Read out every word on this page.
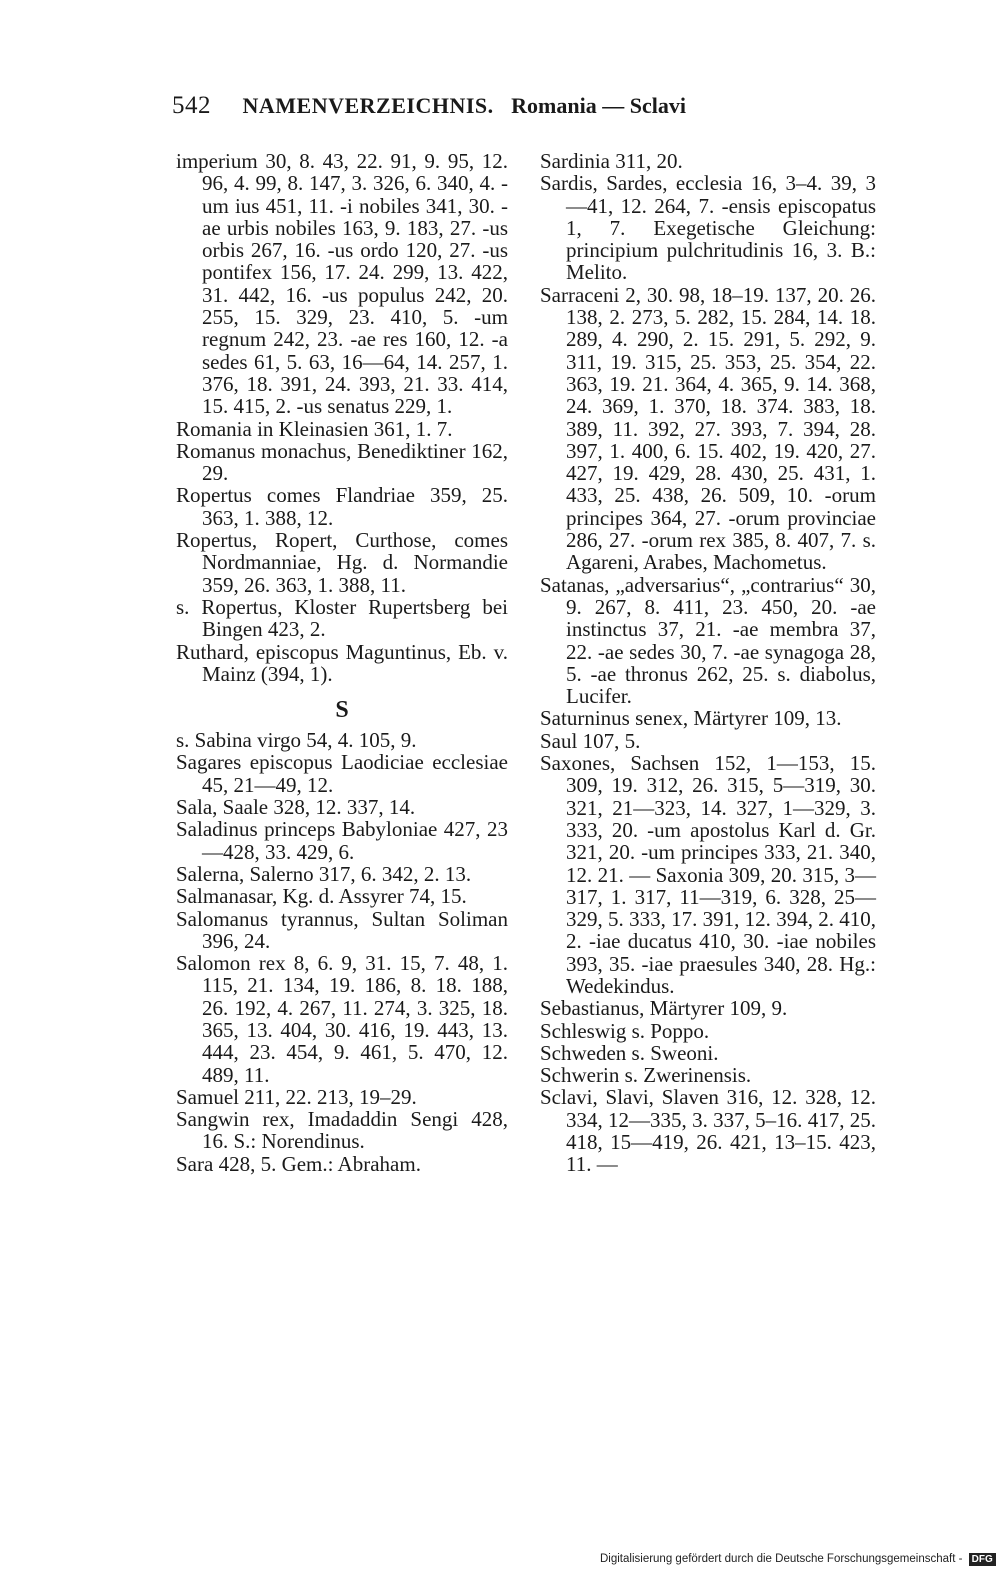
542 NAMENVERZEICHNIS. Romania — Sclavi

imperium 30, 8. 43, 22. 91, 9. 95, 12. 96, 4. 99, 8. 147, 3. 326, 6. 340, 4. -um ius 451, 11. -i nobiles 341, 30. -ae urbis nobiles 163, 9. 183, 27. -us orbis 267, 16. -us ordo 120, 27. -us pontifex 156, 17. 24. 299, 13. 422, 31. 442, 16. -us populus 242, 20. 255, 15. 329, 23. 410, 5. -um regnum 242, 23. -ae res 160, 12. -a sedes 61, 5. 63, 16—64, 14. 257, 1. 376, 18. 391, 24. 393, 21. 33. 414, 15. 415, 2. -us senatus 229, 1.

Romania in Kleinasien 361, 1. 7.

Romanus monachus, Benediktiner 162, 29.

Ropertus comes Flandriae 359, 25. 363, 1. 388, 12.

Ropertus, Ropert, Curthose, comes Nordmanniae, Hg. d. Normandie 359, 26. 363, 1. 388, 11.

s. Ropertus, Kloster Rupertsberg bei Bingen 423, 2.

Ruthard, episcopus Maguntinus, Eb. v. Mainz (394, 1).

S

s. Sabina virgo 54, 4. 105, 9.

Sagares episcopus Laodiciae ecclesiae 45, 21—49, 12.

Sala, Saale 328, 12. 337, 14.

Saladinus princeps Babyloniae 427, 23—428, 33. 429, 6.

Salerna, Salerno 317, 6. 342, 2. 13.

Salmanasar, Kg. d. Assyrer 74, 15.

Salomanus tyrannus, Sultan Soliman 396, 24.

Salomon rex 8, 6. 9, 31. 15, 7. 48, 1. 115, 21. 134, 19. 186, 8. 18. 188, 26. 192, 4. 267, 11. 274, 3. 325, 18. 365, 13. 404, 30. 416, 19. 443, 13. 444, 23. 454, 9. 461, 5. 470, 12. 489, 11.

Samuel 211, 22. 213, 19–29.

Sangwin rex, Imadaddin Sengi 428, 16. S.: Norendinus.

Sara 428, 5. Gem.: Abraham.

Sardinia 311, 20.

Sardis, Sardes, ecclesia 16, 3–4. 39, 3—41, 12. 264, 7. -ensis episcopatus 1, 7. Exegetische Gleichung: principium pulchritudinis 16, 3. B.: Melito.

Sarraceni 2, 30. 98, 18–19. 137, 20. 26. 138, 2. 273, 5. 282, 15. 284, 14. 18. 289, 4. 290, 2. 15. 291, 5. 292, 9. 311, 19. 315, 25. 353, 25. 354, 22. 363, 19. 21. 364, 4. 365, 9. 14. 368, 24. 369, 1. 370, 18. 374. 383, 18. 389, 11. 392, 27. 393, 7. 394, 28. 397, 1. 400, 6. 15. 402, 19. 420, 27. 427, 19. 429, 28. 430, 25. 431, 1. 433, 25. 438, 26. 509, 10. -orum principes 364, 27. -orum provinciae 286, 27. -orum rex 385, 8. 407, 7. s. Agareni, Arabes, Machometus.

Satanas, „adversarius“, „contrarius“ 30, 9. 267, 8. 411, 23. 450, 20. -ae instinctus 37, 21. -ae membra 37, 22. -ae sedes 30, 7. -ae synagoga 28, 5. -ae thronus 262, 25. s. diabolus, Lucifer.

Saturninus senex, Märtyrer 109, 13.

Saul 107, 5.

Saxones, Sachsen 152, 1—153, 15. 309, 19. 312, 26. 315, 5—319, 30. 321, 21—323, 14. 327, 1—329, 3. 333, 20. -um apostolus Karl d. Gr. 321, 20. -um principes 333, 21. 340, 12. 21. — Saxonia 309, 20. 315, 3—317, 1. 317, 11—319, 6. 328, 25—329, 5. 333, 17. 391, 12. 394, 2. 410, 2. -iae ducatus 410, 30. -iae nobiles 393, 35. -iae praesules 340, 28. Hg.: Wedekindus.

Sebastianus, Märtyrer 109, 9.

Schleswig s. Poppo.

Schweden s. Sweoni.

Schwerin s. Zwerinensis.

Sclavi, Slavi, Slaven 316, 12. 328, 12. 334, 12—335, 3. 337, 5–16. 417, 25. 418, 15—419, 26. 421, 13–15. 423, 11. —

Digitalisierung gefördert durch die Deutsche Forschungsgemeinschaft - DFG
